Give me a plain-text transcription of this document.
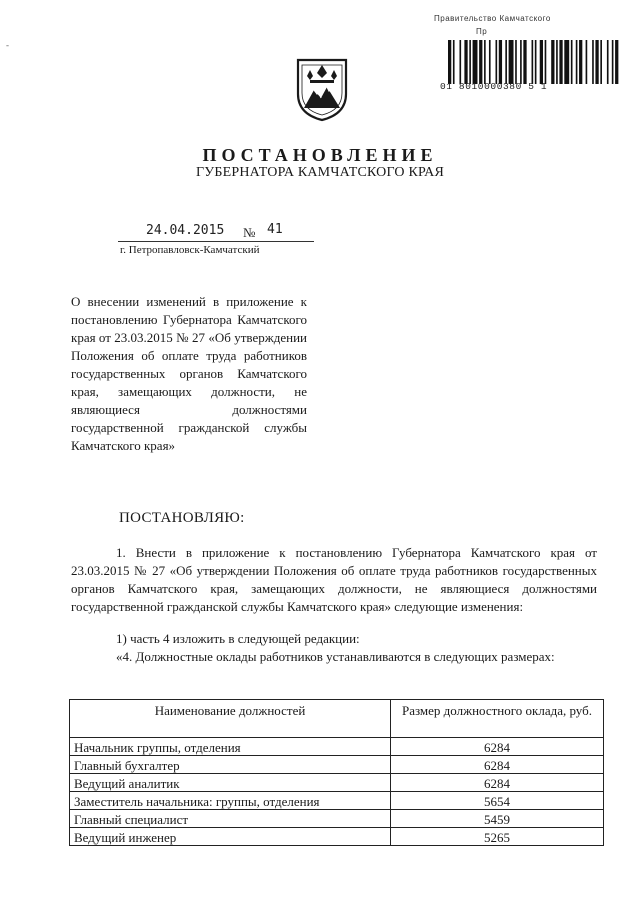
Правительство Камчатского
Пр
01 8010000380 5 1
-
ПОСТАНОВЛЕНИЕ
ГУБЕРНАТОРА КАМЧАТСКОГО КРАЯ
24.04.2015 № 41
г. Петропавловск-Камчатский
О внесении изменений в приложение к постановлению Губернатора Камчатского края от 23.03.2015 № 27 «Об утверждении Положения об оплате труда работников государственных органов Камчатского края, замещающих должности, не являющиеся должностями государственной гражданской службы Камчатского края»
ПОСТАНОВЛЯЮ:
1. Внести в приложение к постановлению Губернатора Камчатского края от 23.03.2015 № 27 «Об утверждении Положения об оплате труда работников государственных органов Камчатского края, замещающих должности, не являющиеся должностями государственной гражданской службы Камчатского края» следующие изменения:
1) часть 4 изложить в следующей редакции:
«4. Должностные оклады работников устанавливаются в следующих размерах:
Наименование должностей	Размер должностного оклада, руб.
Начальник группы, отделения	6284
Главный бухгалтер	6284
Ведущий аналитик	6284
Заместитель начальника: группы, отделения	5654
Главный специалист	5459
Ведущий инженер	5265
